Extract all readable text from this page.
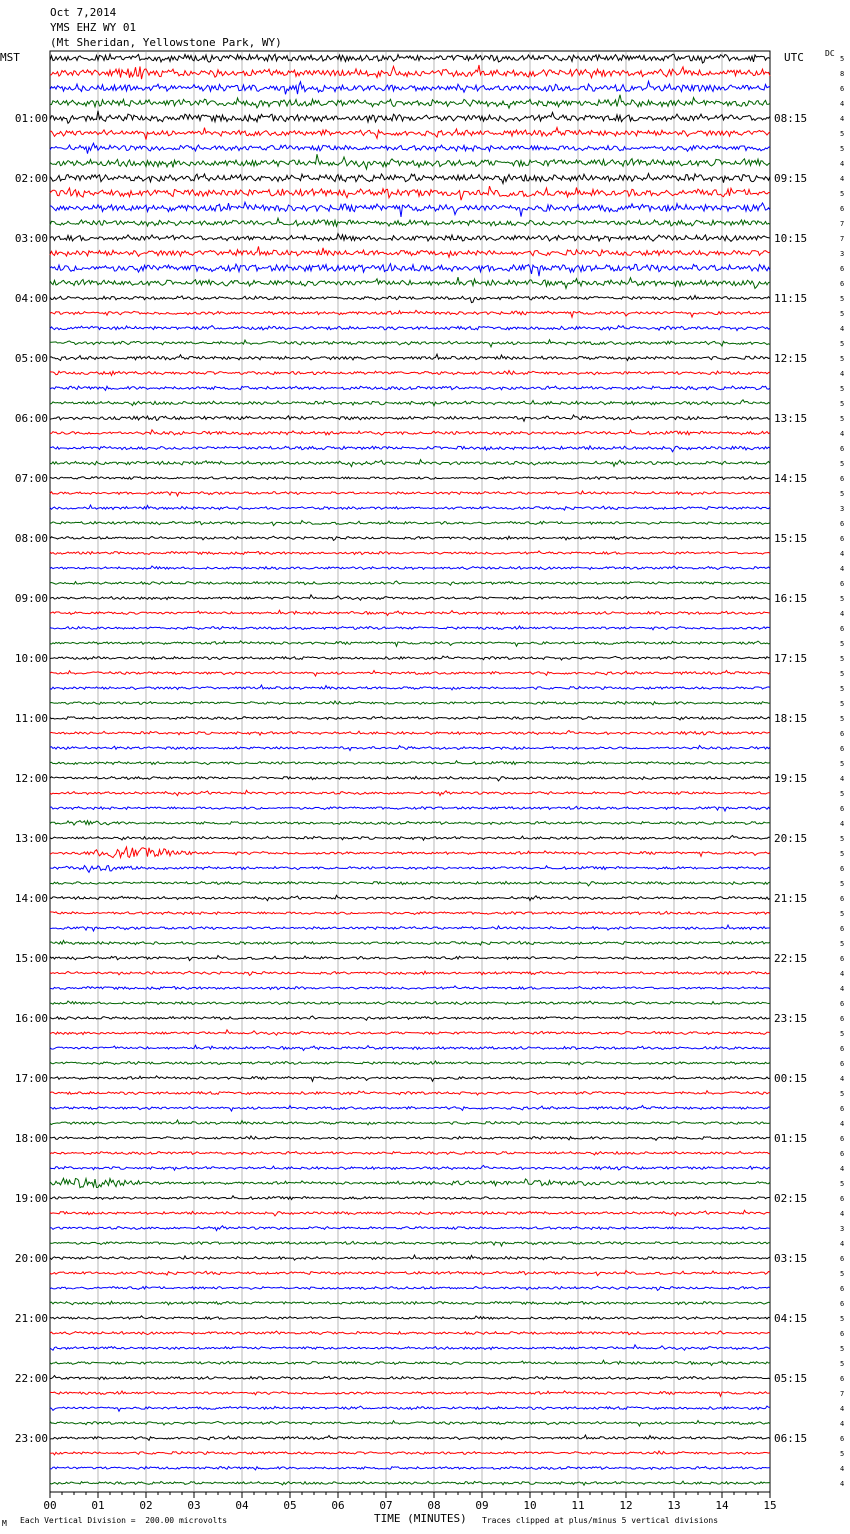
Oct 7,2014
YMS EHZ WY 01
(Mt Sheridan, Yellowstone Park, WY)
MST	UTC	DC
00	01	02	03	04	05	06	07	08	09	10	11	12	13	14	15
5
8
6
4
4
5
5
4
4
5
6
7
7
3
6
6
5
5
4
5
5
4
5
5
5
4
6
5
6
5
3
6
6
4
4
6
5
4
6
5
5
5
5
5
5
6
6
5
4
5
6
4
5
5
6
5
6
5
6
5
6
4
4
6
6
5
6
6
4
5
6
4
6
6
4
5
6
4
3
4
6
5
6
6
5
6
5
5
6
7
4
4
6
5
4
4
01:00
02:00
03:00
04:00
05:00
06:00
07:00
08:00
09:00
10:00
11:00
12:00
13:00
14:00
15:00
16:00
17:00
18:00
19:00
20:00
21:00
22:00
23:00
08:15
09:15
10:15
11:15
12:15
13:15
14:15
15:15
16:15
17:15
18:15
19:15
20:15
21:15
22:15
23:15
00:15
01:15
02:15
03:15
04:15
05:15
06:15
M Each Vertical Division =  200.00 microvolts	TIME (MINUTES) Traces clipped at plus/minus 5 vertical divisions
